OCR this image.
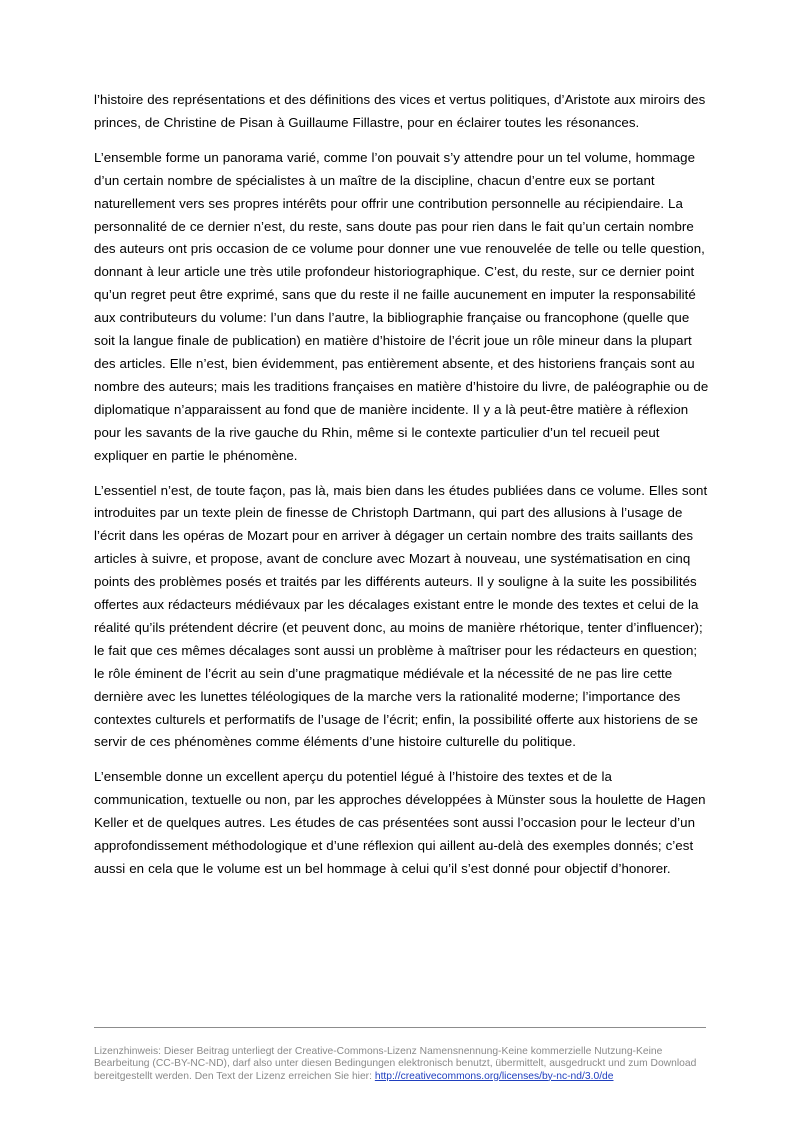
l’histoire des représentations et des définitions des vices et vertus politiques, d’Aristote aux miroirs des princes, de Christine de Pisan à Guillaume Fillastre, pour en éclairer toutes les résonances.

L’ensemble forme un panorama varié, comme l’on pouvait s’y attendre pour un tel volume, hommage d’un certain nombre de spécialistes à un maître de la discipline, chacun d’entre eux se portant naturellement vers ses propres intérêts pour offrir une contribution personnelle au récipiendaire. La personnalité de ce dernier n’est, du reste, sans doute pas pour rien dans le fait qu’un certain nombre des auteurs ont pris occasion de ce volume pour donner une vue renouvelée de telle ou telle question, donnant à leur article une très utile profondeur historiographique. C’est, du reste, sur ce dernier point qu’un regret peut être exprimé, sans que du reste il ne faille aucunement en imputer la responsabilité aux contributeurs du volume: l’un dans l’autre, la bibliographie française ou francophone (quelle que soit la langue finale de publication) en matière d’histoire de l’écrit joue un rôle mineur dans la plupart des articles. Elle n’est, bien évidemment, pas entièrement absente, et des historiens français sont au nombre des auteurs; mais les traditions françaises en matière d’histoire du livre, de paléographie ou de diplomatique n’apparaissent au fond que de manière incidente. Il y a là peut-être matière à réflexion pour les savants de la rive gauche du Rhin, même si le contexte particulier d’un tel recueil peut expliquer en partie le phénomène.

L’essentiel n’est, de toute façon, pas là, mais bien dans les études publiées dans ce volume. Elles sont introduites par un texte plein de finesse de Christoph Dartmann, qui part des allusions à l’usage de l’écrit dans les opéras de Mozart pour en arriver à dégager un certain nombre des traits saillants des articles à suivre, et propose, avant de conclure avec Mozart à nouveau, une systématisation en cinq points des problèmes posés et traités par les différents auteurs. Il y souligne à la suite les possibilités offertes aux rédacteurs médiévaux par les décalages existant entre le monde des textes et celui de la réalité qu’ils prétendent décrire (et peuvent donc, au moins de manière rhétorique, tenter d’influencer); le fait que ces mêmes décalages sont aussi un problème à maîtriser pour les rédacteurs en question; le rôle éminent de l’écrit au sein d’une pragmatique médiévale et la nécessité de ne pas lire cette dernière avec les lunettes téléologiques de la marche vers la rationalité moderne; l’importance des contextes culturels et performatifs de l’usage de l’écrit; enfin, la possibilité offerte aux historiens de se servir de ces phénomènes comme éléments d’une histoire culturelle du politique.

L’ensemble donne un excellent aperçu du potentiel légué à l’histoire des textes et de la communication, textuelle ou non, par les approches développées à Münster sous la houlette de Hagen Keller et de quelques autres. Les études de cas présentées sont aussi l’occasion pour le lecteur d’un approfondissement méthodologique et d’une réflexion qui aillent au-delà des exemples donnés; c’est aussi en cela que le volume est un bel hommage à celui qu’il s’est donné pour objectif d’honorer.

Lizenzhinweis: Dieser Beitrag unterliegt der Creative-Commons-Lizenz Namensnennung-Keine kommerzielle Nutzung-Keine Bearbeitung (CC-BY-NC-ND), darf also unter diesen Bedingungen elektronisch benutzt, übermittelt, ausgedruckt und zum Download bereitgestellt werden. Den Text der Lizenz erreichen Sie hier: http://creativecommons.org/licenses/by-nc-nd/3.0/de
